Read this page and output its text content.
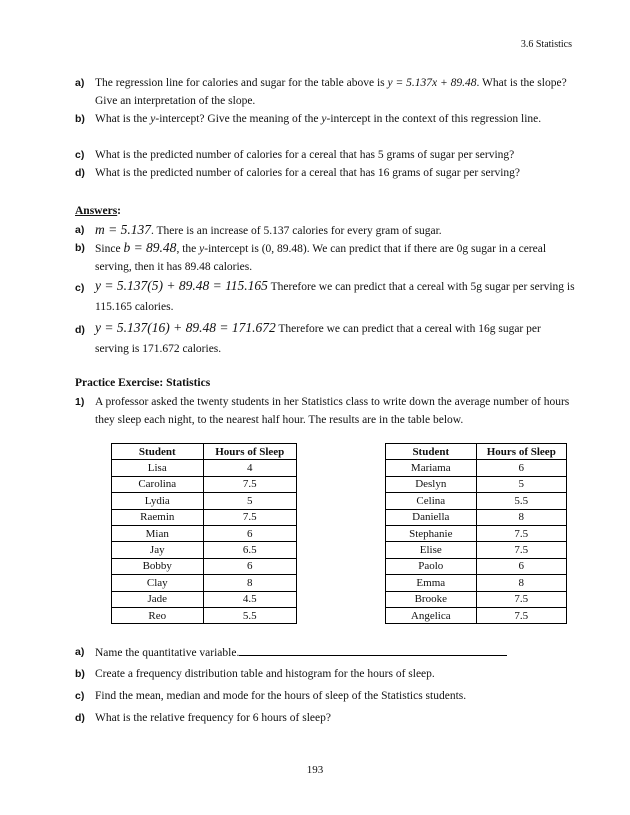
3.6 Statistics
a) The regression line for calories and sugar for the table above is y = 5.137x + 89.48. What is the slope? Give an interpretation of the slope.
b) What is the y-intercept? Give the meaning of the y-intercept in the context of this regression line.
c) What is the predicted number of calories for a cereal that has 5 grams of sugar per serving?
d) What is the predicted number of calories for a cereal that has 16 grams of sugar per serving?
Answers:
a) m = 5.137. There is an increase of 5.137 calories for every gram of sugar.
b) Since b = 89.48, the y-intercept is (0, 89.48). We can predict that if there are 0g sugar in a cereal serving, then it has 89.48 calories.
c) y = 5.137(5) + 89.48 = 115.165 Therefore we can predict that a cereal with 5g sugar per serving is 115.165 calories.
d) y = 5.137(16) + 89.48 = 171.672 Therefore we can predict that a cereal with 16g sugar per serving is 171.672 calories.
Practice Exercise: Statistics
1) A professor asked the twenty students in her Statistics class to write down the average number of hours they sleep each night, to the nearest half hour. The results are in the table below.
Student	Hours of Sleep
Lisa	4
Carolina	7.5
Lydia	5
Raemin	7.5
Mian	6
Jay	6.5
Bobby	6
Clay	8
Jade	4.5
Reo	5.5
Student	Hours of Sleep
Mariama	6
Deslyn	5
Celina	5.5
Daniella	8
Stephanie	7.5
Elise	7.5
Paolo	6
Emma	8
Brooke	7.5
Angelica	7.5
a) Name the quantitative variable.
b) Create a frequency distribution table and histogram for the hours of sleep.
c) Find the mean, median and mode for the hours of sleep of the Statistics students.
d) What is the relative frequency for 6 hours of sleep?
193
